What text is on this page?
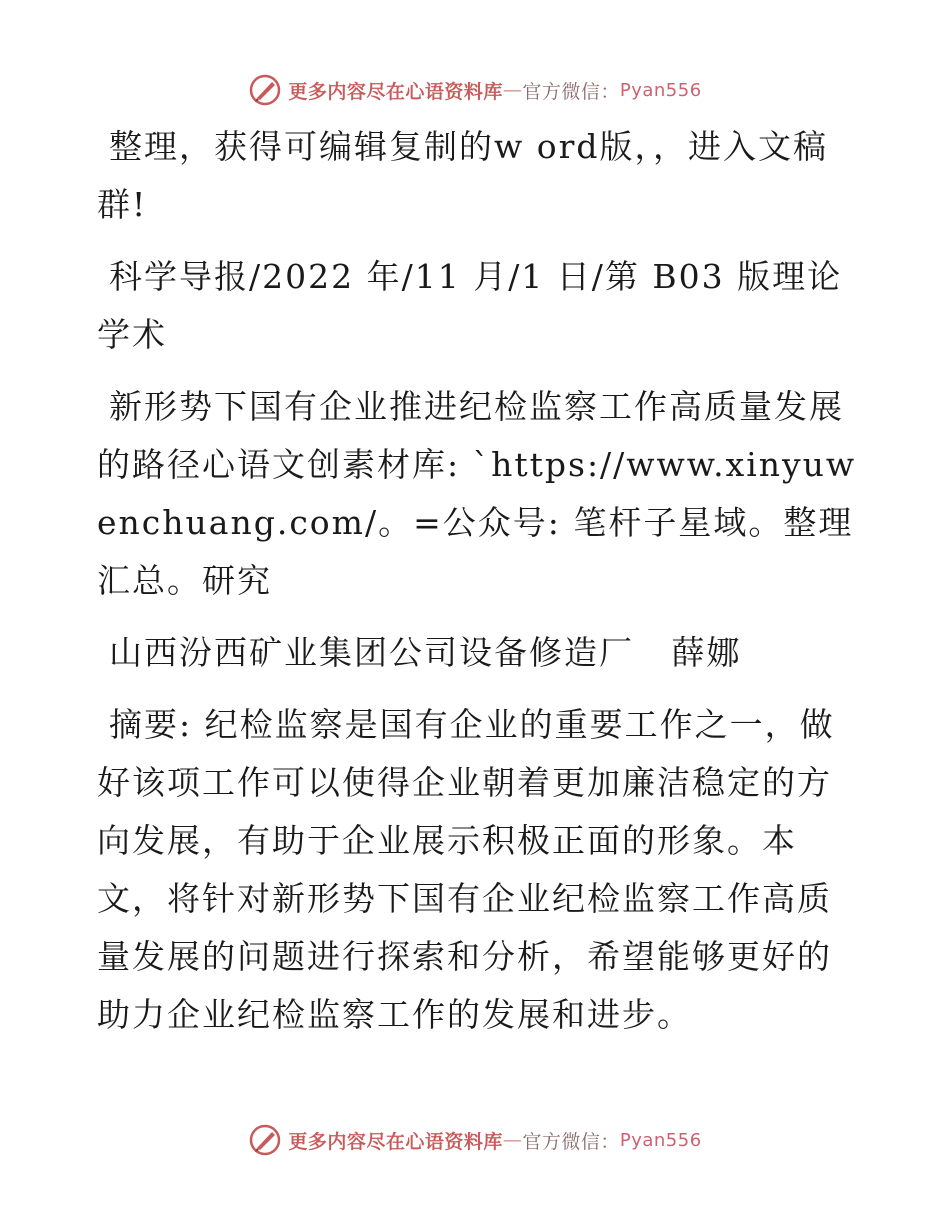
更多内容尽在心语资料库 — 官方微信： Pyan556

整理，获得可编辑复制的w ord版，，进入文稿群!

科学导报/2022 年/11 月/1 日/第 B03 版理论学术

新形势下国有企业推进纪检监察工作高质量发展的路径心语文创素材库: `https://www.xinyuwenchuang.com/。=公众号: 笔杆子星域。整理汇总。研究

山西汾西矿业集团公司设备修造厂   薛娜

摘要: 纪检监察是国有企业的重要工作之一，做好该项工作可以使得企业朝着更加廉洁稳定的方向发展，有助于企业展示积极正面的形象。本文，将针对新形势下国有企业纪检监察工作高质量发展的问题进行探索和分析，希望能够更好的助力企业纪检监察工作的发展和进步。

更多内容尽在心语资料库 — 官方微信： Pyan556
